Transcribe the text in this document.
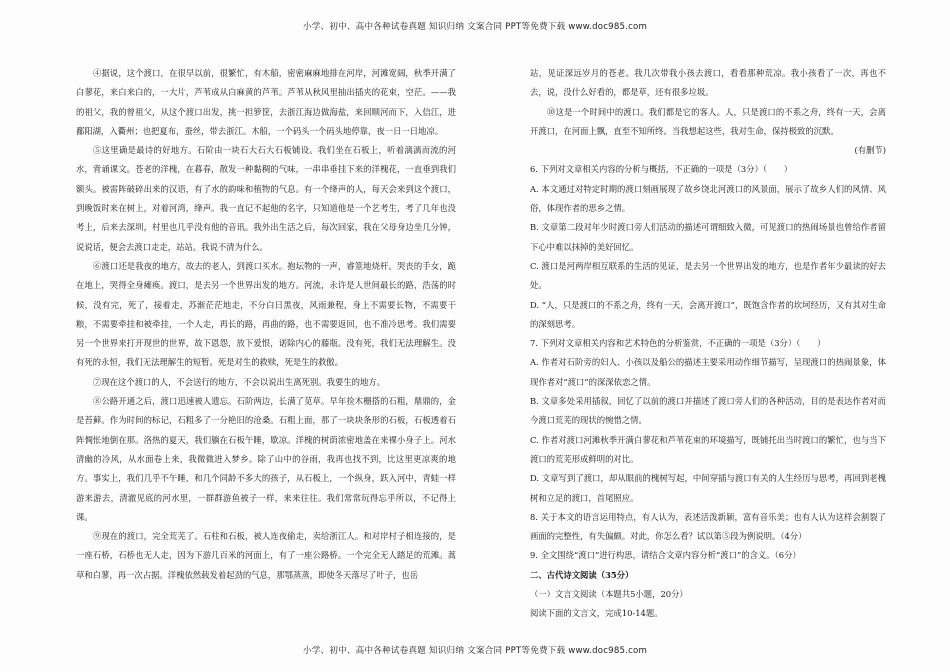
小学、初中、高中各种试卷真题 知识归纳 文案合同 PPT等免费下载 www.doc985.com

④据说，这个渡口，在很早以前，很繁忙，有木船，密密麻麻地排在河岸，河滩宽阔，秋季开满了白蓼花，来白来白的，一大片，芦苇成从白麻黄的芦苇。芦苇从秋风里抽出插夹的花束，空茫。——我的祖父，我的曾祖父，从这个渡口出发，挑一担箩筐，去浙江海边做海盐，来回顺河而下，入信江，进鄱阳湖，入衢州；也把夏布，蚕丝，带去浙江。木船，一个码头一个码头地停靠，夜一日一日地凉。

⑤这里确是最诗的好地方。石阶由一块石大石大石板铺设。我们坐在石板上，听着漓漓而流的河水，背诵课文。苍老的洋槐，在暮春，散发一种黏稠的气味，一串串垂挂下来的洋槐花，一直垂到我们额头。被雷阵破碎出来的汉语，有了水的韵味和植物的气息。有一个绛声的人，每天会来到这个渡口，到晚饭时来在树上，对着河湾，绛声。我一直记不起他的名字，只知道他是一个艺考生，考了几年也没考上，后来去深圳，村里也几乎没有他的音讯。我外出生活之后，每次回家，我在父母身边坐几分钟，说说话，便会去渡口走走，站站。我说不清为什么。

⑥渡口还是我夜的地方，故去的老人，到渡口买水。抱坛物的一声，睿筮地烧杆。哭丧的手女，跪在地上，哭得全身瘫痪。渡口，是去另一个世界出发的地方。河流，永许是人世间最长的路，浩荡的时候，没有完，死了，接着走，苏渐茫茫地走，不分白日黑夜，风雨兼程，身上不需要长物，不需要干粮，不需要牵挂和被牵挂，一个人走，再长的路，再曲的路，也不需要返回，也不准冷思考。我们需要另一个世界来打开现世的世界，故下恩怨，放下爱恨，诺除内心的藤瓶。没有死，我们无法理解生。没有死的永恒，我们无法理解生的短暂。死是对生的救赎，死是生的救傲。

⑦现在这个渡口的人，不会送行的地方，不会以说出生离死别。我要生的地方。

⑧公路开通之后，渡口迅速被人遗忘。石阶两边，长满了苋草。早年捡木栅搭的石粗，鼎鼎的，金是苔藓。作为时间的标记，石粗多了一分艳旧的沧桑。石粗上面，那了一块块条形的石板，石板透着石阵惆怅地倒在那。洛热的夏天，我们躺在石板午睡，歇凉。洋槐的树荫浓密地盖在来裸小身子上。河水清幽的冷风，从水面卷上来，我微微进入梦乡。除了山中的谷雨，我再也找不到，比这里更凉爽的地方。事实上，我们几乎不午睡，和几个同龄不多大的孩子，从石板上，一个纵身，跃入河中，青蛙一样游来游去，清澈见底的河水里，一群群游鱼被子一样，来来往往。我们常常玩得忘乎所以，不记得上课。

⑨现在的渡口，完全荒芜了。石柱和石板，被人连夜偷走，卖给浙江人。和对岸村子相连接的，是一座石桥，石桥也无人走，因为下游几百米的河面上，有了一座公路桥。一个完全无人踏足的荒滩。蒿草和白蓼，再一次占据。洋槐依然载发着起劲的气息，那鄂蒸蒸，即使冬天落尽了叶子，也岳

站，见证深远岁月的苍老。我几次带我小孩去渡口，看看那种荒凉。我小孩看了一次，再也不去，说，没什么好看的，都是草，还有很多垃圾。

⑩这是一个时间中的渡口。我们都是它的客人。人，只是渡口的不系之舟，终有一天，会离开渡口，在河面上飘，直至不知所终。当我想起这些，我对生命，保持极致的沉默。

(有删节)

6. 下列对文章相关内容的分析与概括，不正确的一项是（3分）（　　）

A. 本文通过对特定时期的渡口刻画展现了故乡饶北河渡口的风景面，展示了故乡人们的风情、风俗，体现作者的思乡之情。

B. 文章第二段对年少时渡口旁人们活动的描述可谓细致入微，可见渡口的热闹场景也曾给作者留下心中难以抹掉的美好回忆。

C. 渡口是河两岸相互联系的生活的见证，是去另一个世界出发的地方，也是作者年少最读的好去处。

D. “人，只是渡口的不系之舟，终有一天，会离开渡口”，既饱含作者的坎坷经历，又有其对生命的深刻思考。

7. 下列对文章相关内容和艺术特色的分析鉴赏，不正确的一项是（3分）（　　）

A. 作者对石阶旁的妇人、小孩以及船公的描述主要采用动作细节描写，呈现渡口的热闹景象，体现作者对“渡口”的深深依恋之情。

B. 文章多处采用插叙，回忆了以前的渡口并描述了渡口旁人们的各种活动，目的是表达作者对而今渡口荒芜的现状的惋惜之情。

C. 作者对渡口河滩秋季开满白蓼花和芦苇花束的环境描写，既铺托出当时渡口的繁忙，也与当下渡口的荒芜形成鲜明的对比。

D. 文章写到了渡口，却从眼前的槐树写起，中间穿插与渡口有关的人生经历与思考，再回到老槐树和立足的渡口，首尾照应。

8. 关于本文的语言运用特点，有人认为，表述活泼新颖，富有音乐美；也有人认为这样会割裂了画面的完整性，有失偏颇。对此，你怎么看？试以第⑤段为例说明。（4分）

9. 全文围绕“渡口”进行构思，请结合文章内容分析“渡口”的含义。（6分）

二、古代诗文阅读（35分）

（一）文言文阅读（本题共5小题，20分）

阅读下面的文言文，完成10-14题。

小学、初中、高中各种试卷真题 知识归纳 文案合同 PPT等免费下载 www.doc985.com
